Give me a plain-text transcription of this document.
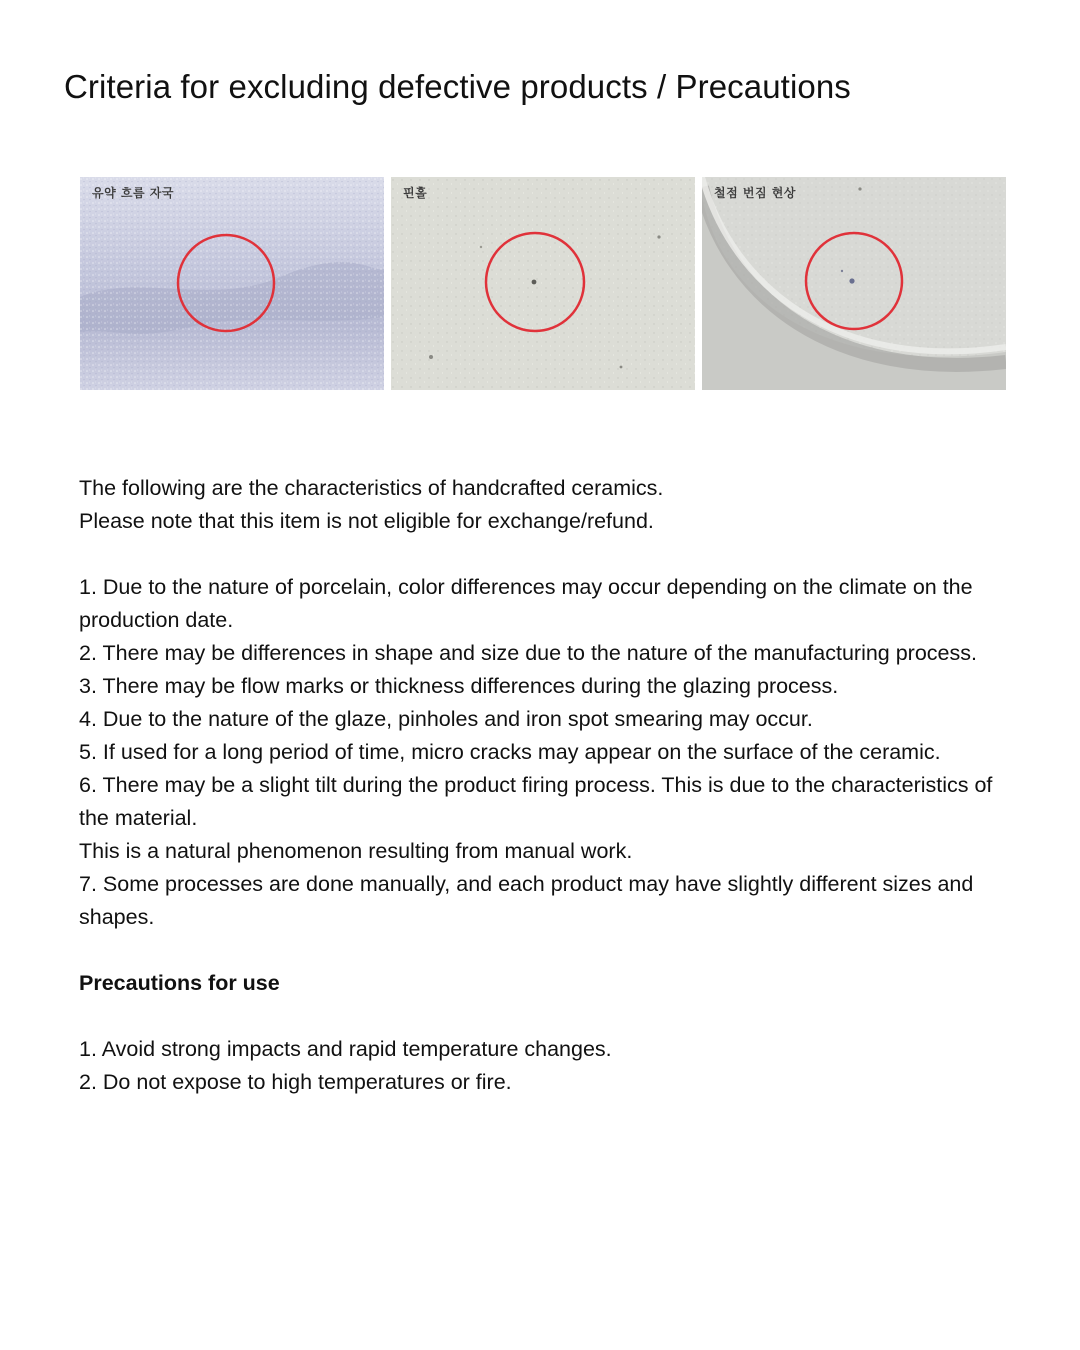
Criteria for excluding defective products / Precautions
유약 흐름 자국	핀홀	철점 번짐 현상

The following are the characteristics of handcrafted ceramics.

Please note that this item is not eligible for exchange/refund.

1. Due to the nature of porcelain, color differences may occur depending on the climate on the production date.

2. There may be differences in shape and size due to the nature of the manufacturing process.

3. There may be flow marks or thickness differences during the glazing process.

4. Due to the nature of the glaze, pinholes and iron spot smearing may occur.

5. If used for a long period of time, micro cracks may appear on the surface of the ceramic.

6. There may be a slight tilt during the product firing process. This is due to the characteristics of the material.

This is a natural phenomenon resulting from manual work.

7. Some processes are done manually, and each product may have slightly different sizes and shapes.

Precautions for use

1. Avoid strong impacts and rapid temperature changes.

2. Do not expose to high temperatures or fire.
